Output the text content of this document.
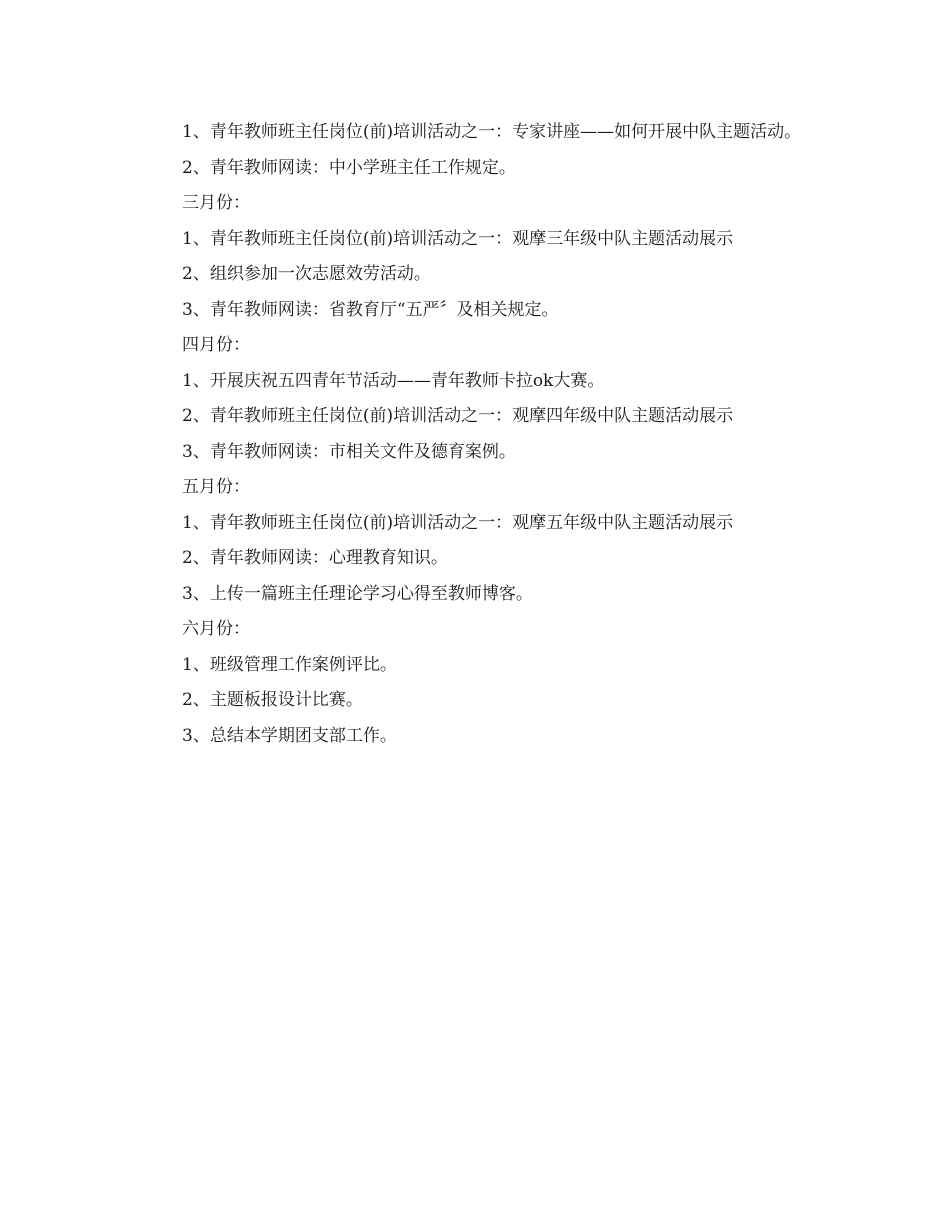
1、青年教师班主任岗位(前)培训活动之一：专家讲座——如何开展中队主题活动。

2、青年教师网读：中小学班主任工作规定。

三月份：

1、青年教师班主任岗位(前)培训活动之一：观摩三年级中队主题活动展示

2、组织参加一次志愿效劳活动。

3、青年教师网读：省教育厅“五严〞及相关规定。

四月份：

1、开展庆祝五四青年节活动——青年教师卡拉ok大赛。

2、青年教师班主任岗位(前)培训活动之一：观摩四年级中队主题活动展示

3、青年教师网读：市相关文件及德育案例。

五月份：

1、青年教师班主任岗位(前)培训活动之一：观摩五年级中队主题活动展示

2、青年教师网读：心理教育知识。

3、上传一篇班主任理论学习心得至教师博客。

六月份：

1、班级管理工作案例评比。

2、主题板报设计比赛。

3、总结本学期团支部工作。
